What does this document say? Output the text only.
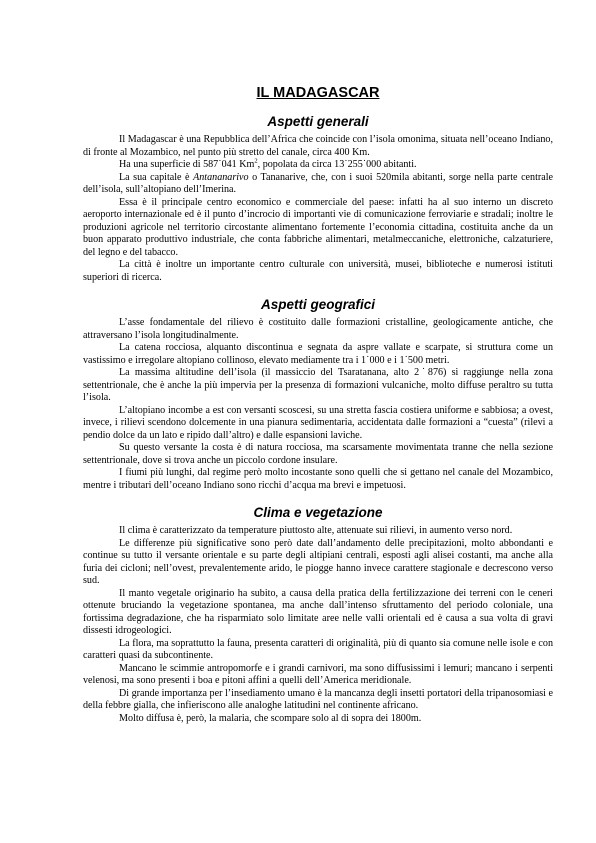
IL MADAGASCAR
Aspetti generali

Il Madagascar è una Repubblica dell’Africa che coincide con l’isola omonima, situata nell’oceano Indiano, di fronte al Mozambico, nel punto più stretto del canale, circa 400 Km.

Ha una superficie di 587˙041 Km$^2$, popolata da circa 13˙255˙000 abitanti.

La sua capitale è Antananarivo o Tananarive, che, con i suoi 520mila abitanti, sorge nella parte centrale dell’isola, sull’altopiano dell’Imerina.

Essa è il principale centro economico e commerciale del paese: infatti ha al suo interno un discreto aeroporto internazionale ed è il punto d’incrocio di importanti vie di comunicazione ferroviarie e stradali; inoltre le produzioni agricole nel territorio circostante alimentano fortemente l’economia cittadina, costituita anche da un buon apparato produttivo industriale, che conta fabbriche alimentari, metalmeccaniche, elettroniche, calzaturiere, del legno e del tabacco.

La città è inoltre un importante centro culturale con università, musei, biblioteche e numerosi istituti superiori di ricerca.

Aspetti geografici

L’asse fondamentale del rilievo è costituito dalle formazioni cristalline, geologicamente antiche, che attraversano l’isola longitudinalmente.

La catena rocciosa, alquanto discontinua e segnata da aspre vallate e scarpate, si struttura come un vastissimo e irregolare altopiano collinoso, elevato mediamente tra i 1˙000 e i 1˙500 metri.

La massima altitudine dell’isola (il massiccio del Tsaratanana, alto 2˙876) si raggiunge nella zona settentrionale, che è anche la più impervia per la presenza di formazioni vulcaniche, molto diffuse peraltro su tutta l’isola.

L’altopiano incombe a est con versanti scoscesi, su una stretta fascia costiera uniforme e sabbiosa; a ovest, invece, i rilievi scendono dolcemente in una pianura sedimentaria, accidentata dalle formazioni a “cuesta” (rilevi a pendio dolce da un lato e ripido dall’altro) e dalle espansioni laviche.

Su questo versante la costa è di natura rocciosa, ma scarsamente movimentata tranne che nella sezione settentrionale, dove si trova anche un piccolo cordone insulare.

I fiumi più lunghi, dal regime però molto incostante sono quelli che si gettano nel canale del Mozambico, mentre i tributari dell’oceano Indiano sono ricchi d’acqua ma brevi e impetuosi.

Clima e vegetazione

Il clima è caratterizzato da temperature piuttosto alte, attenuate sui rilievi, in aumento verso nord.

Le differenze più significative sono però date dall’andamento delle precipitazioni, molto abbondanti e continue su tutto il versante orientale e su parte degli altipiani centrali, esposti agli alisei costanti, ma anche alla furia dei cicloni; nell’ovest, prevalentemente arido, le piogge hanno invece carattere stagionale e decrescono verso sud.

Il manto vegetale originario ha subito, a causa della pratica della fertilizzazione dei terreni con le ceneri ottenute bruciando la vegetazione spontanea, ma anche dall’intenso sfruttamento del periodo coloniale, una fortissima degradazione, che ha risparmiato solo limitate aree nelle valli orientali ed è causa a sua volta di gravi dissesti idrogeologici.

La flora, ma soprattutto la fauna, presenta caratteri di originalità, più di quanto sia comune nelle isole e con caratteri quasi da subcontinente.

Mancano le scimmie antropomorfe e i grandi carnivori, ma sono diffusissimi i lemuri; mancano i serpenti velenosi, ma sono presenti i boa e pitoni affini a quelli dell’America meridionale.

Di grande importanza per l’insediamento umano è la mancanza degli insetti portatori della tripanosomiasi e della febbre gialla, che infieriscono alle analoghe latitudini nel continente africano.

Molto diffusa è, però, la malaria, che scompare solo al di sopra dei 1800m.
